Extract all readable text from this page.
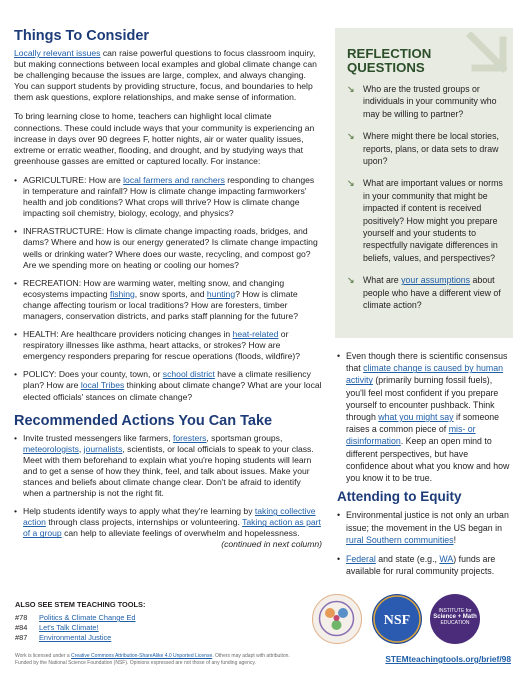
Things To Consider

Locally relevant issues can raise powerful questions to focus classroom inquiry, but making connections between local examples and global climate change can be challenging because the issues are large, complex, and always changing. You can support students by providing structure, focus, and boundaries to help them ask questions, explore relationships, and make sense of information.

To bring learning close to home, teachers can highlight local climate connections. These could include ways that your community is experiencing an increase in days over 90 degrees F, hotter nights, air or water quality issues, extreme or erratic weather, flooding, and drought, and by studying ways that greenhouse gasses are emitted or captured locally. For instance:

• AGRICULTURE: How are local farmers and ranchers responding to changes in temperature and rainfall? How is climate change impacting farmworkers' health and job conditions? What crops will thrive? How is climate change impacting soil chemistry, biology, ecology, and physics?
• INFRASTRUCTURE: How is climate change impacting roads, bridges, and dams? Where and how is our energy generated? Is climate change impacting wells or drinking water? Where does our waste, recycling, and compost go? Are we spending more on heating or cooling our homes?
• RECREATION: How are warming water, melting snow, and changing ecosystems impacting fishing, snow sports, and hunting? How is climate change affecting tourism or local traditions? How are foresters, timber managers, conservation districts, and parks staff planning for the future?
• HEALTH: Are healthcare providers noticing changes in heat-related or respiratory illnesses like asthma, heart attacks, or strokes? How are emergency responders preparing for rescue operations (floods, wildfire)?
• POLICY: Does your county, town, or school district have a climate resiliency plan? How are local Tribes thinking about climate change? What are your local elected officials' stances on climate change?
Recommended Actions You Can Take
• Invite trusted messengers like farmers, foresters, sportsman groups, meteorologists, journalists, scientists, or local officials to speak to your class. Meet with them beforehand to explain what you're hoping students will learn and to get a sense of how they think, feel, and talk about issues. Make your stances and beliefs about climate change clear. Don't be afraid to identify when a partnership is not the right fit.
• Help students identify ways to apply what they're learning by taking collective action through class projects, internships or volunteering. Taking action as part of a group can help to alleviate feelings of overwhelm and hopelessness.
(continued in next column)
REFLECTION QUESTIONS
↘ Who are the trusted groups or individuals in your community who may be willing to partner?
↘ Where might there be local stories, reports, plans, or data sets to draw upon?
↘ What are important values or norms in your community that might be impacted if content is received positively? How might you prepare yourself and your students to respectfully navigate differences in beliefs, values, and perspectives?
↘ What are your assumptions about people who have a different view of climate action?
• Even though there is scientific consensus that climate change is caused by human activity (primarily burning fossil fuels), you'll feel most confident if you prepare yourself to encounter pushback. Think through what you might say if someone raises a common piece of mis- or disinformation. Keep an open mind to different perspectives, but have confidence about what you know and how you know it to be true.
Attending to Equity
• Environmental justice is not only an urban issue; the movement in the US began in rural Southern communities!
• Federal and state (e.g., WA) funds are available for rural community projects.
ALSO SEE STEM TEACHING TOOLS:
#78 Politics & Climate Change Ed
#84 Let's Talk Climate!
#87 Environmental Justice
NSF
INSTITUTE for
Science + Math
EDUCATION
Work is licensed under a Creative Commons Attribution-ShareAlike 4.0 Unported License. Others may adapt with attribution.
Funded by the National Science Foundation (NSF). Opinions expressed are not those of any funding agency.	STEMteachingtools.org/brief/98
